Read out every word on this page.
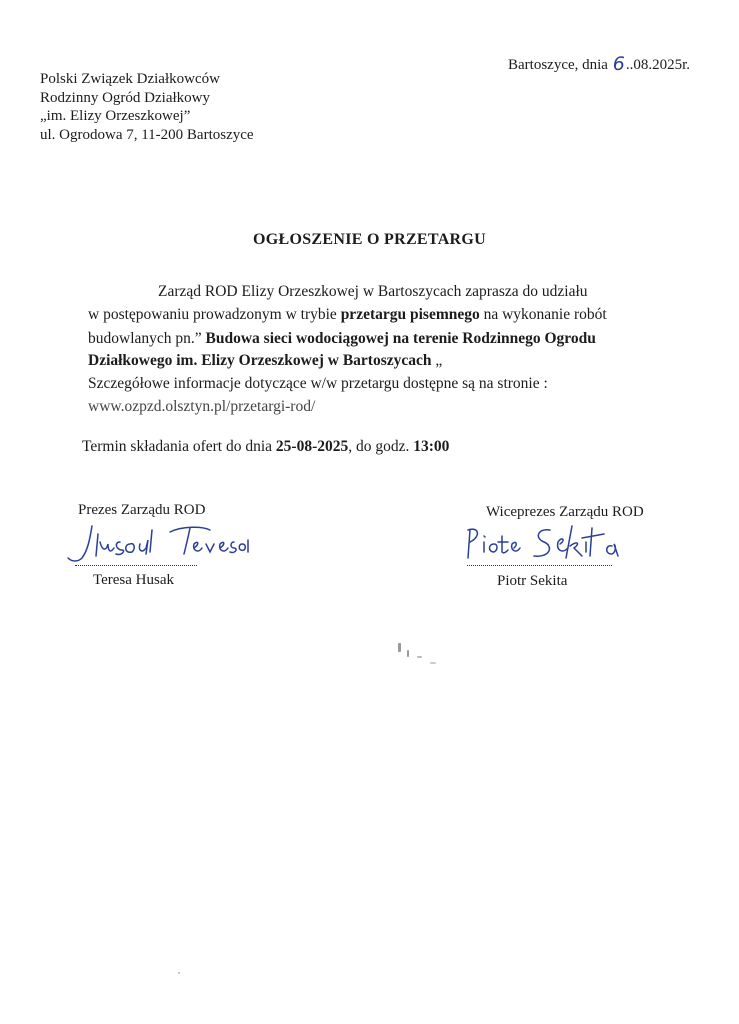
Bartoszyce, dnia 6..08.2025r.
Polski Związek Działkowców
Rodzinny Ogród Działkowy
„im. Elizy Orzeszkowej”
ul. Ogrodowa 7, 11-200 Bartoszyce
OGŁOSZENIE O PRZETARGU
Zarząd ROD Elizy Orzeszkowej w Bartoszycach zaprasza do udziału
w postępowaniu prowadzonym w trybie przetargu pisemnego na wykonanie robót
budowlanych pn.” Budowa sieci wodociągowej na terenie Rodzinnego Ogrodu
Działkowego im. Elizy Orzeszkowej w Bartoszycach „
Szczegółowe informacje dotyczące w/w przetargu dostępne są na stronie :
www.ozpzd.olsztyn.pl/przetargi-rod/
Termin składania ofert do dnia 25-08-2025, do godz. 13:00
Prezes Zarządu ROD
Teresa Husak
Wiceprezes Zarządu ROD
Piotr Sekita
